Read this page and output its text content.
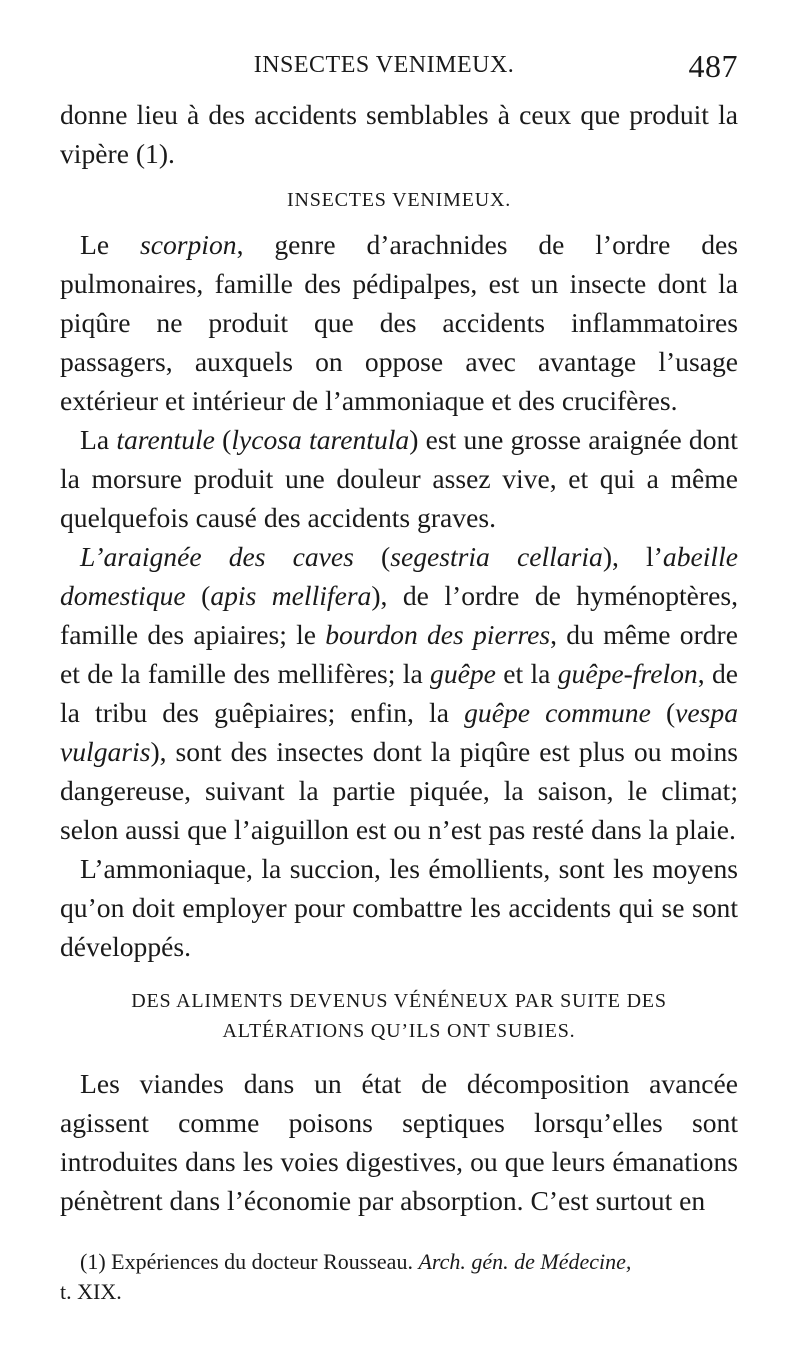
INSECTES VENIMEUX.	487

donne lieu à des accidents semblables à ceux que produit la vipère (1).

INSECTES VENIMEUX.

Le scorpion, genre d’arachnides de l’ordre des pulmonaires, famille des pédipalpes, est un insecte dont la piqûre ne produit que des accidents inflammatoires passagers, auxquels on oppose avec avantage l’usage extérieur et intérieur de l’ammoniaque et des crucifères.

La tarentule (lycosa tarentula) est une grosse araignée dont la morsure produit une douleur assez vive, et qui a même quelquefois causé des accidents graves.

L’araignée des caves (segestria cellaria), l’abeille domestique (apis mellifera), de l’ordre de hyménoptères, famille des apiaires; le bourdon des pierres, du même ordre et de la famille des mellifères; la guêpe et la guêpe-frelon, de la tribu des guêpiaires; enfin, la guêpe commune (vespa vulgaris), sont des insectes dont la piqûre est plus ou moins dangereuse, suivant la partie piquée, la saison, le climat; selon aussi que l’aiguillon est ou n’est pas resté dans la plaie.

L’ammoniaque, la succion, les émollients, sont les moyens qu’on doit employer pour combattre les accidents qui se sont développés.

DES ALIMENTS DEVENUS VÉNÉNEUX PAR SUITE DES
ALTÉRATIONS QU’ILS ONT SUBIES.

Les viandes dans un état de décomposition avancée agissent comme poisons septiques lorsqu’elles sont introduites dans les voies digestives, ou que leurs émanations pénètrent dans l’économie par absorption. C’est surtout en

(1) Expériences du docteur Rousseau. Arch. gén. de Médecine,

t. XIX.
